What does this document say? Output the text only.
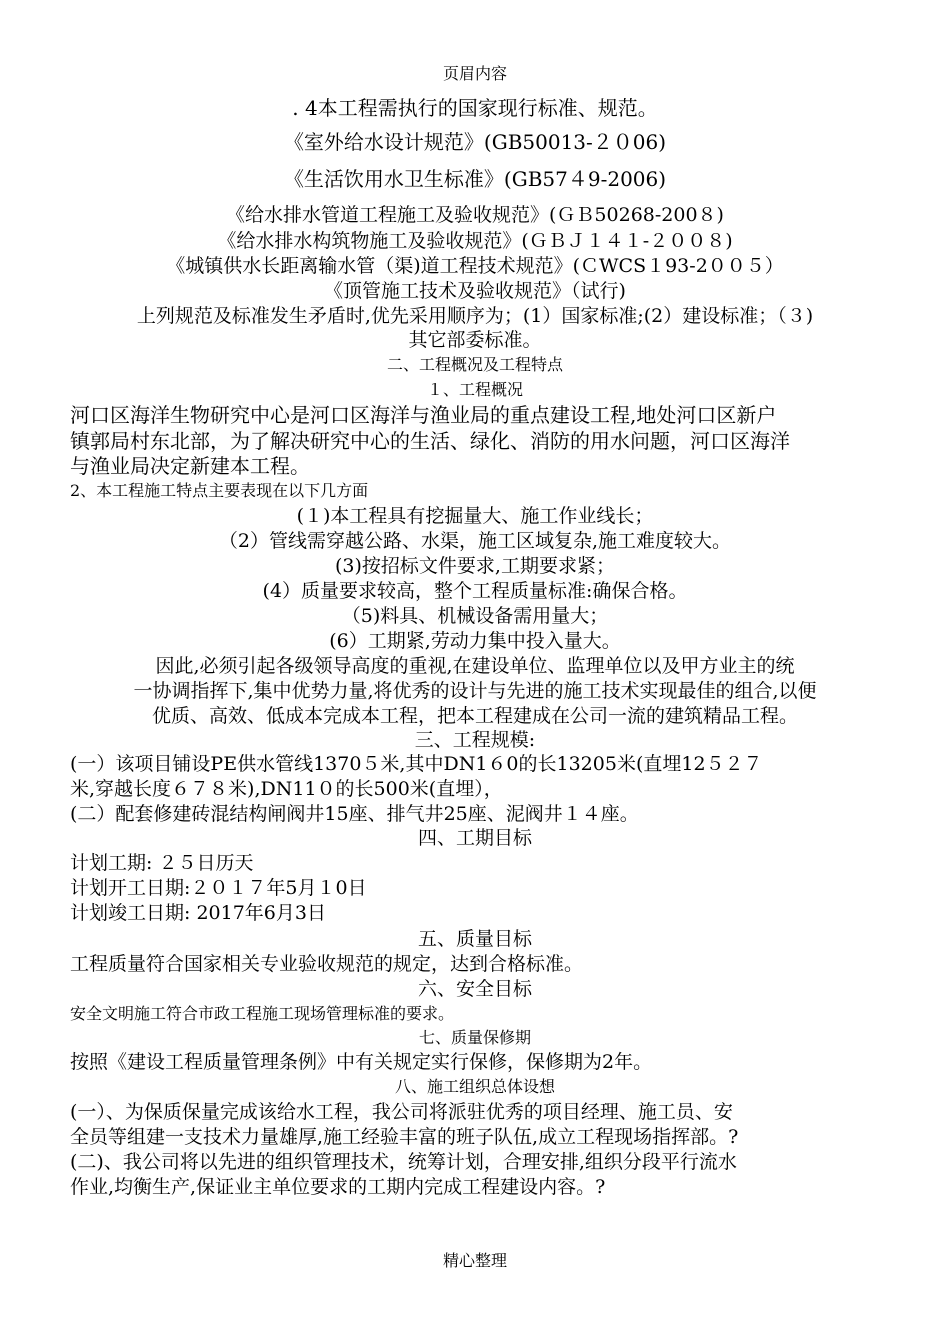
页眉内容
. 4本工程需执行的国家现行标准、规范。
《室外给水设计规范》(GB50013-２０06)
《生活饮用水卫生标准》(GB57４9-2006)
《给水排水管道工程施工及验收规范》(ＧＢ50268-200８)
《给水排水构筑物施工及验收规范》(ＧＢＪ１４１-２００８)
《城镇供水长距离输水管（渠)道工程技术规范》(ＣWCS１93-2００５）
《顶管施工技术及验收规范》（试行)
上列规范及标准发生矛盾时,优先采用顺序为；(1）国家标准;(2）建设标准；（３)
其它部委标准。
二、工程概况及工程特点
１、工程概况
河口区海洋生物研究中心是河口区海洋与渔业局的重点建设工程,地处河口区新户
镇郭局村东北部，为了解决研究中心的生活、绿化、消防的用水问题，河口区海洋
与渔业局决定新建本工程。
2、本工程施工特点主要表现在以下几方面
(１)本工程具有挖掘量大、施工作业线长；
（2）管线需穿越公路、水渠，施工区域复杂,施工难度较大。
(3)按招标文件要求,工期要求紧；
(4）质量要求较高，整个工程质量标准:确保合格。
（5)料具、机械设备需用量大；
(6）工期紧,劳动力集中投入量大。
因此,必须引起各级领导高度的重视,在建设单位、监理单位以及甲方业主的统
一协调指挥下,集中优势力量,将优秀的设计与先进的施工技术实现最佳的组合,以便
优质、高效、低成本完成本工程，把本工程建成在公司一流的建筑精品工程。
三、工程规模:
(一）该项目铺设PE供水管线1370５米,其中DN1６0的长13205米(直埋12５２７
米,穿越长度６７８米),DN11０的长500米(直埋），
(二）配套修建砖混结构闸阀井15座、排气井25座、泥阀井１４座。
四、工期目标
计划工期: ２５日历天
计划开工日期:２０１７年5月１0日
计划竣工日期: 2017年6月3日
五、质量目标
工程质量符合国家相关专业验收规范的规定，达到合格标准。
六、安全目标
安全文明施工符合市政工程施工现场管理标准的要求。
七、质量保修期
按照《建设工程质量管理条例》中有关规定实行保修，保修期为2年。
八、施工组织总体设想
(一）、为保质保量完成该给水工程，我公司将派驻优秀的项目经理、施工员、安
全员等组建一支技术力量雄厚,施工经验丰富的班子队伍,成立工程现场指挥部。?
(二)、我公司将以先进的组织管理技术，统筹计划，合理安排,组织分段平行流水
作业,均衡生产,保证业主单位要求的工期内完成工程建设内容。?
精心整理
